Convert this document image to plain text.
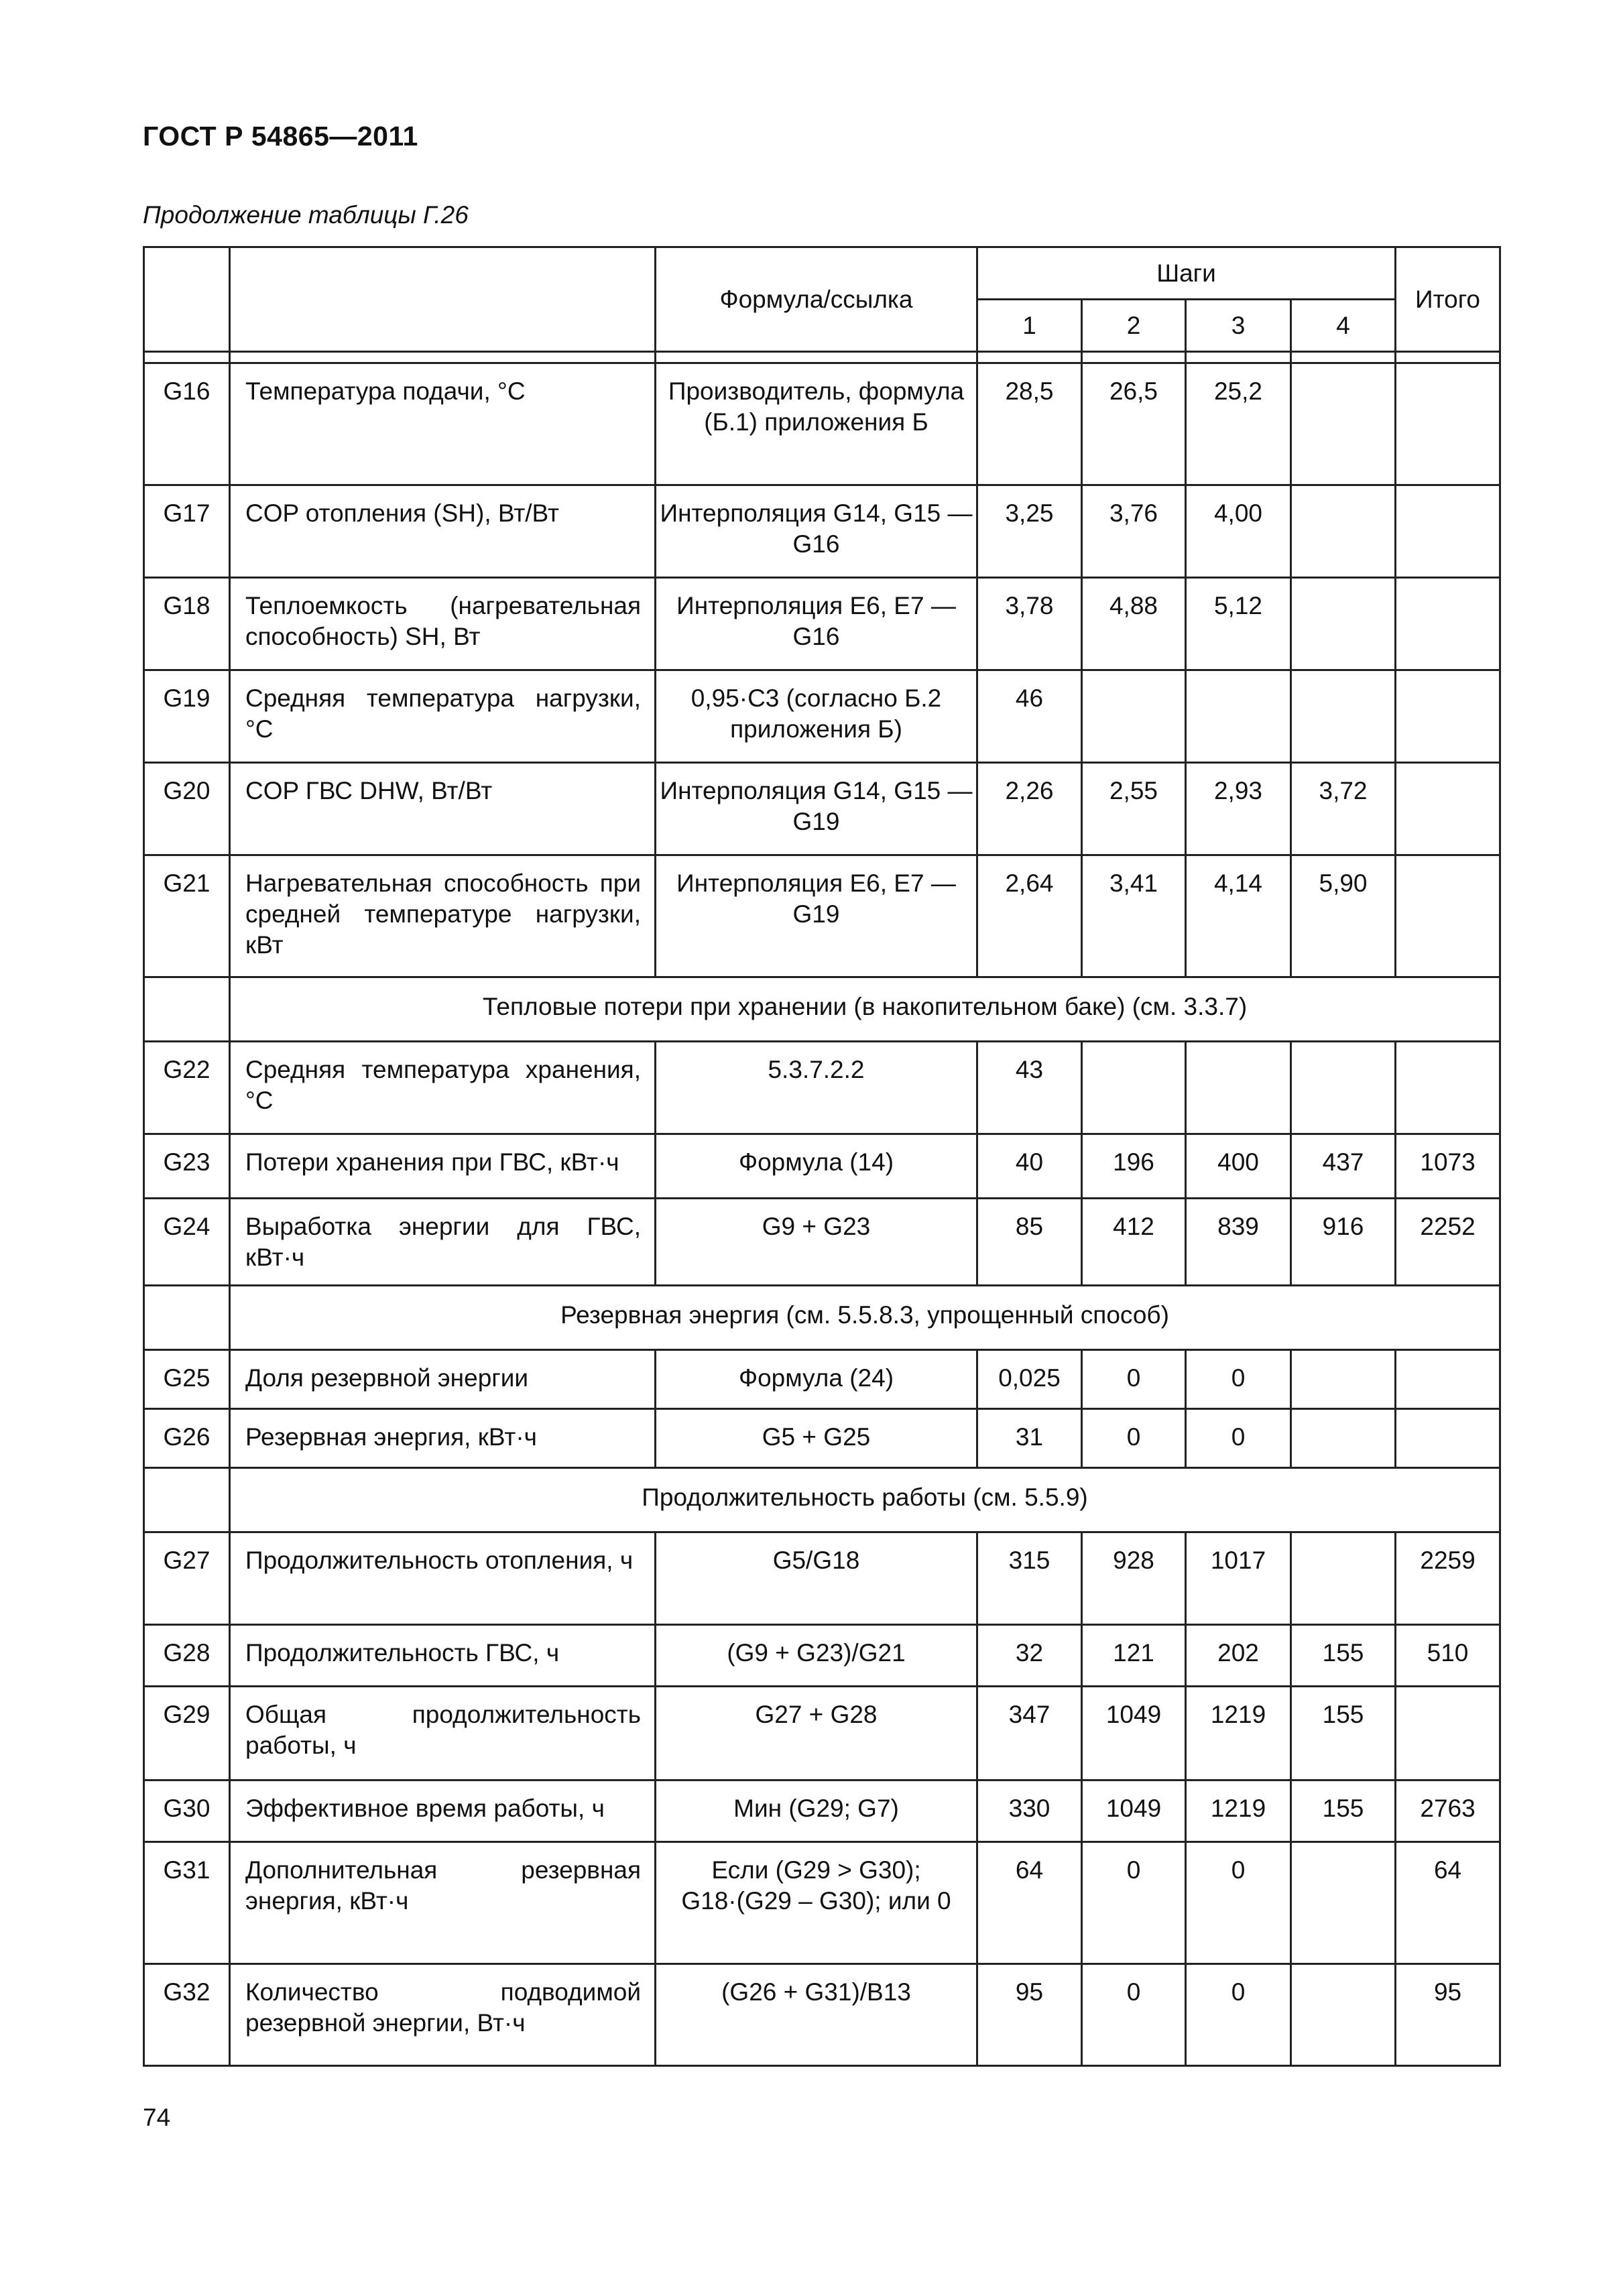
ГОСТ Р 54865—2011
Продолжение таблицы Г.26
		Формула/ссылка	Шаги				Итого
			1	2	3	4	

G16	Температура подачи, °C	Производитель, формула (Б.1) приложения Б	28,5	26,5	25,2		
G17	COP отопления (SH), Вт/Вт	Интерполяция G14, G15 — G16	3,25	3,76	4,00		
G18	Теплоемкость (нагревательная способность) SH, Вт	Интерполяция E6, E7 — G16	3,78	4,88	5,12		
G19	Средняя температура нагрузки, °C	0,95·C3 (согласно Б.2 приложения Б)	46				
G20	COP ГВС DHW, Вт/Вт	Интерполяция G14, G15 — G19	2,26	2,55	2,93	3,72	
G21	Нагревательная способность при средней температуре нагрузки, кВт	Интерполяция E6, E7 — G19	2,64	3,41	4,14	5,90	
	Тепловые потери при хранении (в накопительном баке) (см. 3.3.7)						
G22	Средняя температура хранения, °C	5.3.7.2.2	43				
G23	Потери хранения при ГВС, кВт·ч	Формула (14)	40	196	400	437	1073
G24	Выработка энергии для ГВС, кВт·ч	G9 + G23	85	412	839	916	2252
	Резервная энергия (см. 5.5.8.3, упрощенный способ)						
G25	Доля резервной энергии	Формула (24)	0,025	0	0		
G26	Резервная энергия, кВт·ч	G5 + G25	31	0	0		
	Продолжительность работы (см. 5.5.9)						
G27	Продолжительность отопления, ч	G5/G18	315	928	1017		2259
G28	Продолжительность ГВС, ч	(G9 + G23)/G21	32	121	202	155	510
G29	Общая продолжительность работы, ч	G27 + G28	347	1049	1219	155	
G30	Эффективное время работы, ч	Мин (G29; G7)	330	1049	1219	155	2763
G31	Дополнительная резервная энергия, кВт·ч	Если (G29 > G30); G18·(G29 – G30); или 0	64	0	0		64
G32	Количество подводимой резервной энергии, Вт·ч	(G26 + G31)/B13	95	0	0		95
74
